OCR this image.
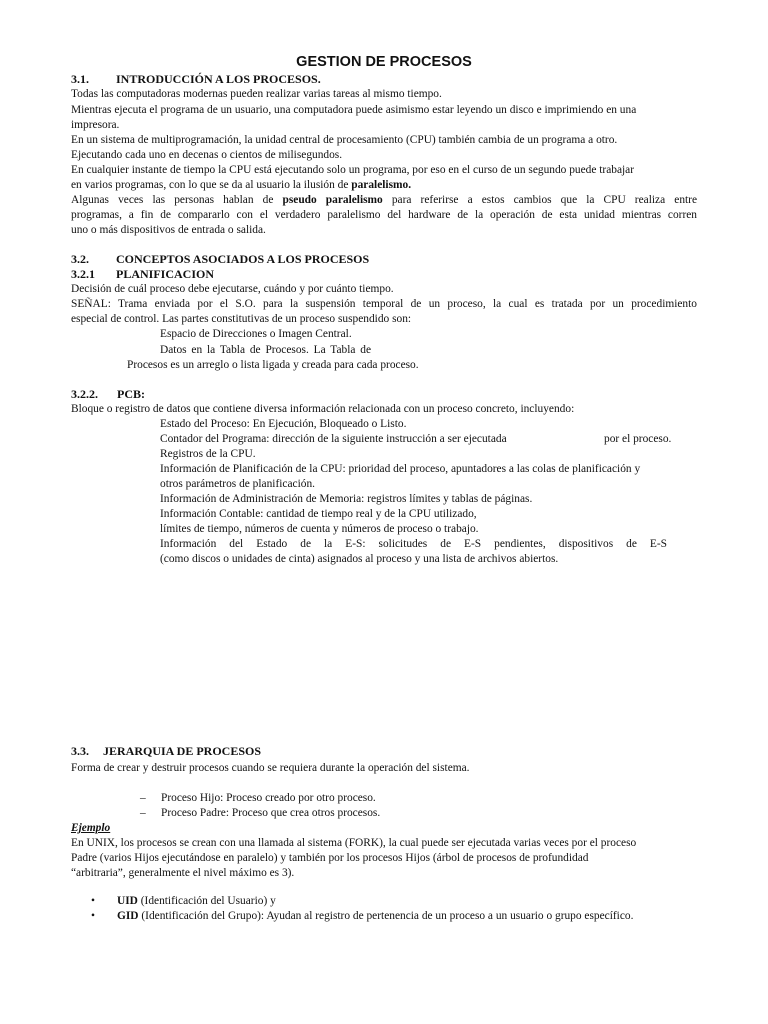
GESTION DE PROCESOS
3.1. INTRODUCCIÓN A LOS PROCESOS.
Todas las computadoras modernas pueden realizar varias tareas al mismo tiempo.
Mientras ejecuta el programa de un usuario, una computadora puede asimismo estar leyendo un disco e imprimiendo en una
impresora.
En un sistema de multiprogramación, la unidad central de procesamiento (CPU) también cambia de un programa a otro.
Ejecutando cada uno en decenas o cientos de milisegundos.
En cualquier instante de tiempo la CPU está ejecutando solo un programa, por eso en el curso de un segundo puede trabajar
en varios programas, con lo que se da al usuario la ilusión de paralelismo.
Algunas veces las personas hablan de pseudo paralelismo para referirse a estos cambios que la CPU realiza entre
programas, a fin de compararlo con el verdadero paralelismo del hardware de la operación de esta unidad mientras corren
uno o más dispositivos de entrada o salida.
3.2. CONCEPTOS ASOCIADOS A LOS PROCESOS
3.2.1 PLANIFICACION
Decisión de cuál proceso debe ejecutarse, cuándo y por cuánto tiempo.
SEÑAL: Trama enviada por el S.O. para la suspensión temporal de un proceso, la cual es tratada por un procedimiento
especial de control. Las partes constitutivas de un proceso suspendido son:
Espacio de Direcciones o Imagen Central.
Datos en la Tabla de Procesos. La Tabla de
Procesos es un arreglo o lista ligada y creada para cada proceso.
3.2.2. PCB:
Bloque o registro de datos que contiene diversa información relacionada con un proceso concreto, incluyendo:
Estado del Proceso: En Ejecución, Bloqueado o Listo.
Contador del Programa: dirección de la siguiente instrucción a ser ejecutada	por el proceso.
Registros de la CPU.
Información de Planificación de la CPU: prioridad del proceso, apuntadores a las colas de planificación y
otros parámetros de planificación.
Información de Administración de Memoria: registros límites y tablas de páginas.
Información Contable: cantidad de tiempo real y de la CPU utilizado,
límites de tiempo, números de cuenta y números de proceso o trabajo.
Información del Estado de la E-S: solicitudes de E-S pendientes, dispositivos de E-S
(como discos o unidades de cinta) asignados al proceso y una lista de archivos abiertos.
3.3. JERARQUIA DE PROCESOS
Forma de crear y destruir procesos cuando se requiera durante la operación del sistema.
– Proceso Hijo: Proceso creado por otro proceso.
– Proceso Padre: Proceso que crea otros procesos.
Ejemplo
En UNIX, los procesos se crean con una llamada al sistema (FORK), la cual puede ser ejecutada varias veces por el proceso
Padre (varios Hijos ejecutándose en paralelo) y también por los procesos Hijos (árbol de procesos de profundidad
“arbitraria”, generalmente el nivel máximo es 3).
• UID (Identificación del Usuario) y
• GID (Identificación del Grupo): Ayudan al registro de pertenencia de un proceso a un usuario o grupo específico.
